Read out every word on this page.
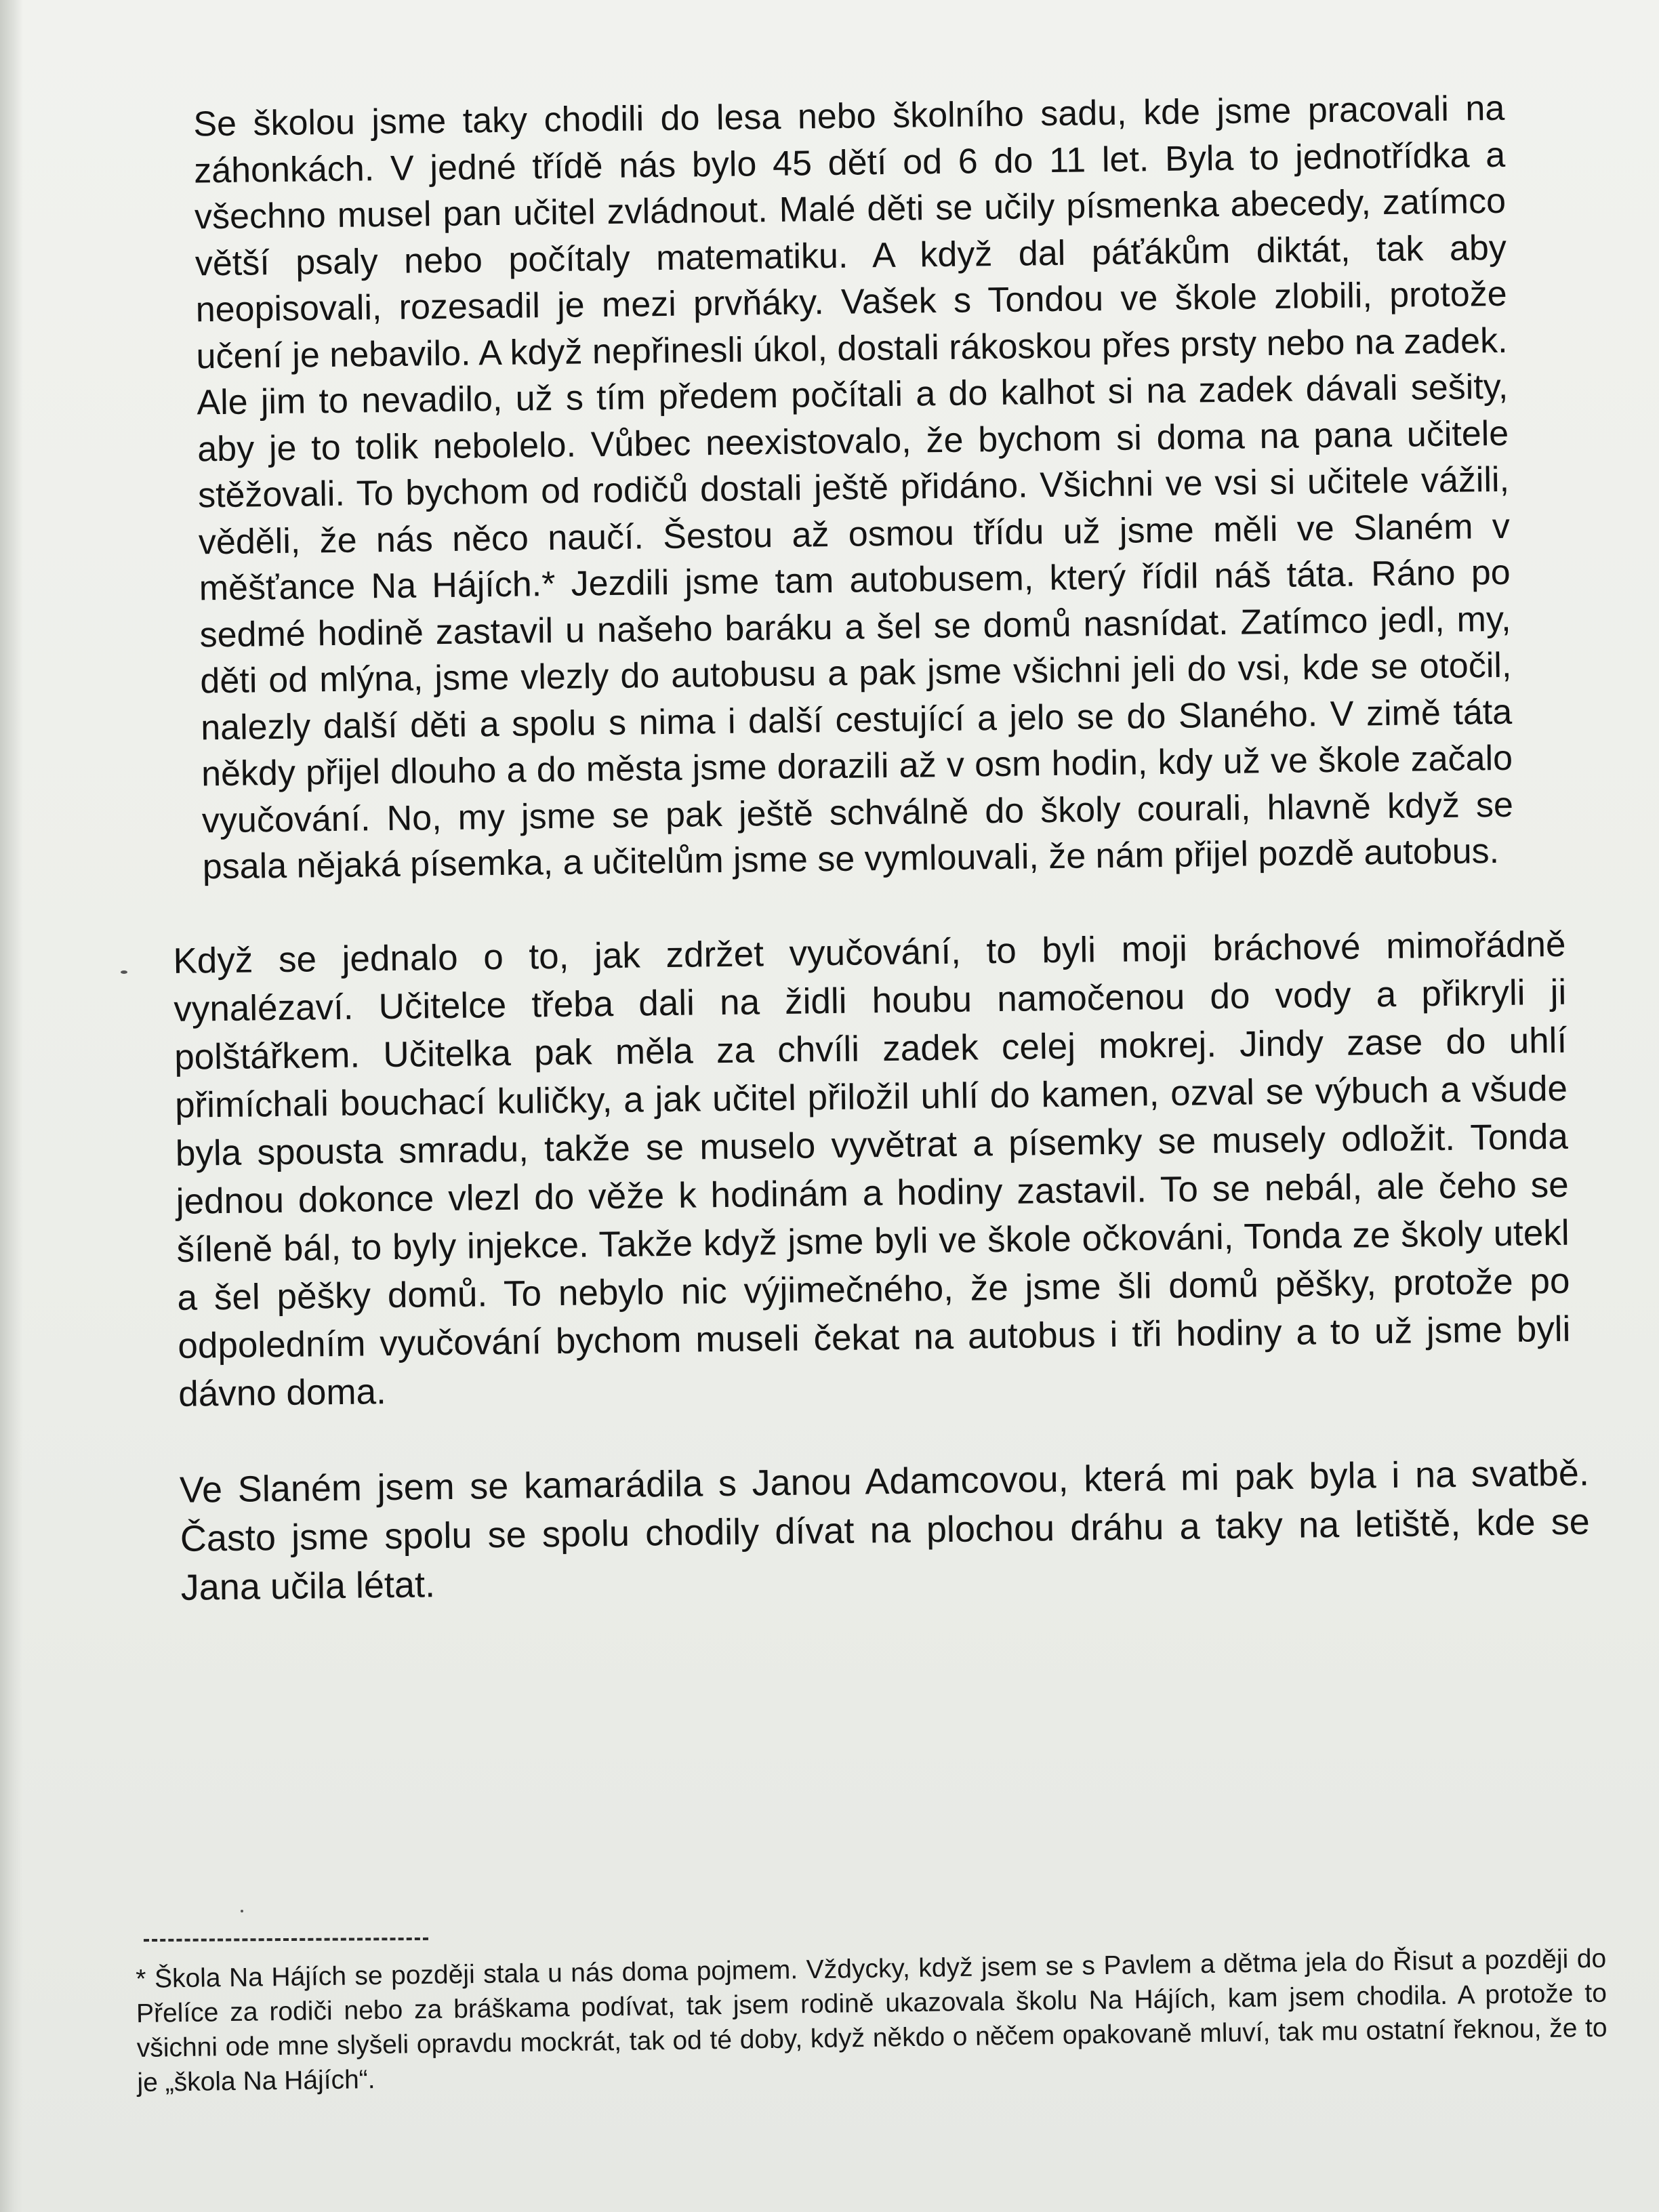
Se školou jsme taky chodili do lesa nebo školního sadu, kde jsme pracovali na záhonkách. V jedné třídě nás bylo 45 dětí od 6 do 11 let. Byla to jednotřídka a všechno musel pan učitel zvládnout. Malé děti se učily písmenka abecedy, zatímco větší psaly nebo počítaly matematiku. A když dal páťákům diktát, tak aby neopisovali, rozesadil je mezi prvňáky. Vašek s Tondou ve škole zlobili, protože učení je nebavilo. A když nepřinesli úkol, dostali rákoskou přes prsty nebo na zadek. Ale jim to nevadilo, už s tím předem počítali a do kalhot si na zadek dávali sešity, aby je to tolik nebolelo. Vůbec neexistovalo, že bychom si doma na pana učitele stěžovali. To bychom od rodičů dostali ještě přidáno. Všichni ve vsi si učitele vážili, věděli, že nás něco naučí. Šestou až osmou třídu už jsme měli ve Slaném v měšťance Na Hájích.* Jezdili jsme tam autobusem, který řídil náš táta. Ráno po sedmé hodině zastavil u našeho baráku a šel se domů nasnídat. Zatímco jedl, my, děti od mlýna, jsme vlezly do autobusu a pak jsme všichni jeli do vsi, kde se otočil, nalezly další děti a spolu s nima i další cestující a jelo se do Slaného. V zimě táta někdy přijel dlouho a do města jsme dorazili až v osm hodin, kdy už ve škole začalo vyučování. No, my jsme se pak ještě schválně do školy courali, hlavně když se psala nějaká písemka, a učitelům jsme se vymlouvali, že nám přijel pozdě autobus.

Když se jednalo o to, jak zdržet vyučování, to byli moji bráchové mimořádně vynalézaví. Učitelce třeba dali na židli houbu namočenou do vody a přikryli ji polštářkem. Učitelka pak měla za chvíli zadek celej mokrej. Jindy zase do uhlí přimíchali bouchací kuličky, a jak učitel přiložil uhlí do kamen, ozval se výbuch a všude byla spousta smradu, takže se muselo vyvětrat a písemky se musely odložit. Tonda jednou dokonce vlezl do věže k hodinám a hodiny zastavil. To se nebál, ale čeho se šíleně bál, to byly injekce. Takže když jsme byli ve škole očkováni, Tonda ze školy utekl a šel pěšky domů. To nebylo nic výjimečného, že jsme šli domů pěšky, protože po odpoledním vyučování bychom museli čekat na autobus i tři hodiny a to už jsme byli dávno doma.

Ve Slaném jsem se kamarádila s Janou Adamcovou, která mi pak byla i na svatbě. Často jsme spolu se spolu chodily dívat na plochou dráhu a taky na letiště, kde se Jana učila létat.

* Škola Na Hájích se později stala u nás doma pojmem. Vždycky, když jsem se s Pavlem a dětma jela do Řisut a později do Přelíce za rodiči nebo za bráškama podívat, tak jsem rodině ukazovala školu Na Hájích, kam jsem chodila. A protože to všichni ode mne slyšeli opravdu mockrát, tak od té doby, když někdo o něčem opakovaně mluví, tak mu ostatní řeknou, že to je „škola Na Hájích“.
